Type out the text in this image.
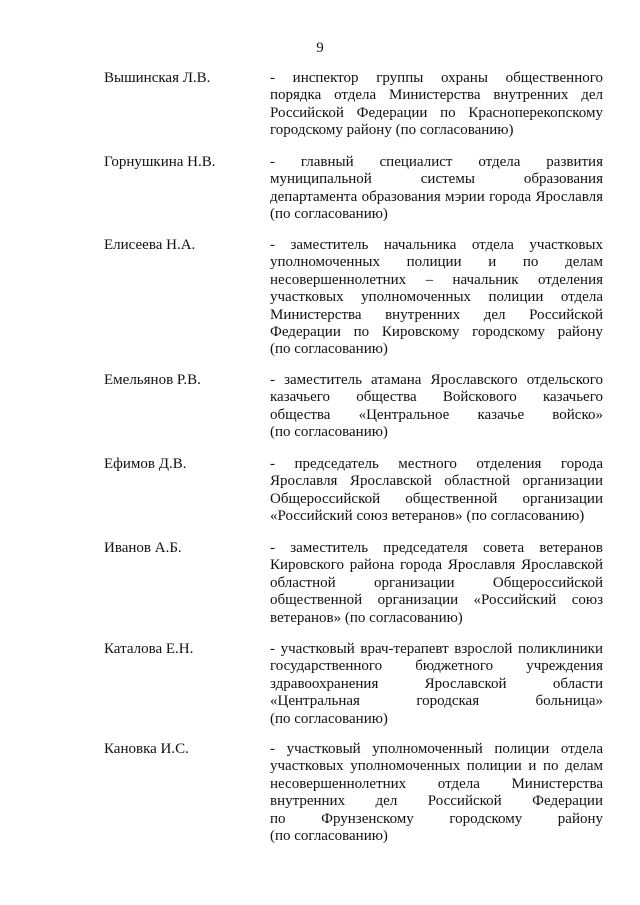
9
Вышинская Л.В.	- инспектор группы охраны общественного
порядка отдела Министерства внутренних дел
Российской Федерации по Красноперекопскому
городскому району (по согласованию)
Горнушкина Н.В.	- главный специалист отдела развития
муниципальной системы образования
департамента образования мэрии города Ярославля
(по согласованию)
Елисеева Н.А.	- заместитель начальника отдела участковых
уполномоченных полиции и по делам
несовершеннолетних – начальник отделения
участковых уполномоченных полиции отдела
Министерства внутренних дел Российской
Федерации по Кировскому городскому району
(по согласованию)
Емельянов Р.В.	- заместитель атамана Ярославского отдельского
казачьего общества Войскового казачьего
общества «Центральное казачье войско»
(по согласованию)
Ефимов Д.В.	- председатель местного отделения города
Ярославля Ярославской областной организации
Общероссийской общественной организации
«Российский союз ветеранов» (по согласованию)
Иванов А.Б.	- заместитель председателя совета ветеранов
Кировского района города Ярославля Ярославской
областной организации Общероссийской
общественной организации «Российский союз
ветеранов» (по согласованию)
Каталова Е.Н.	- участковый врач-терапевт взрослой поликлиники
государственного бюджетного учреждения
здравоохранения Ярославской области
«Центральная городская больница»
(по согласованию)
Кановка И.С.	- участковый уполномоченный полиции отдела
участковых уполномоченных полиции и по делам
несовершеннолетних отдела Министерства
внутренних дел Российской Федерации
по Фрунзенскому городскому району
(по согласованию)
